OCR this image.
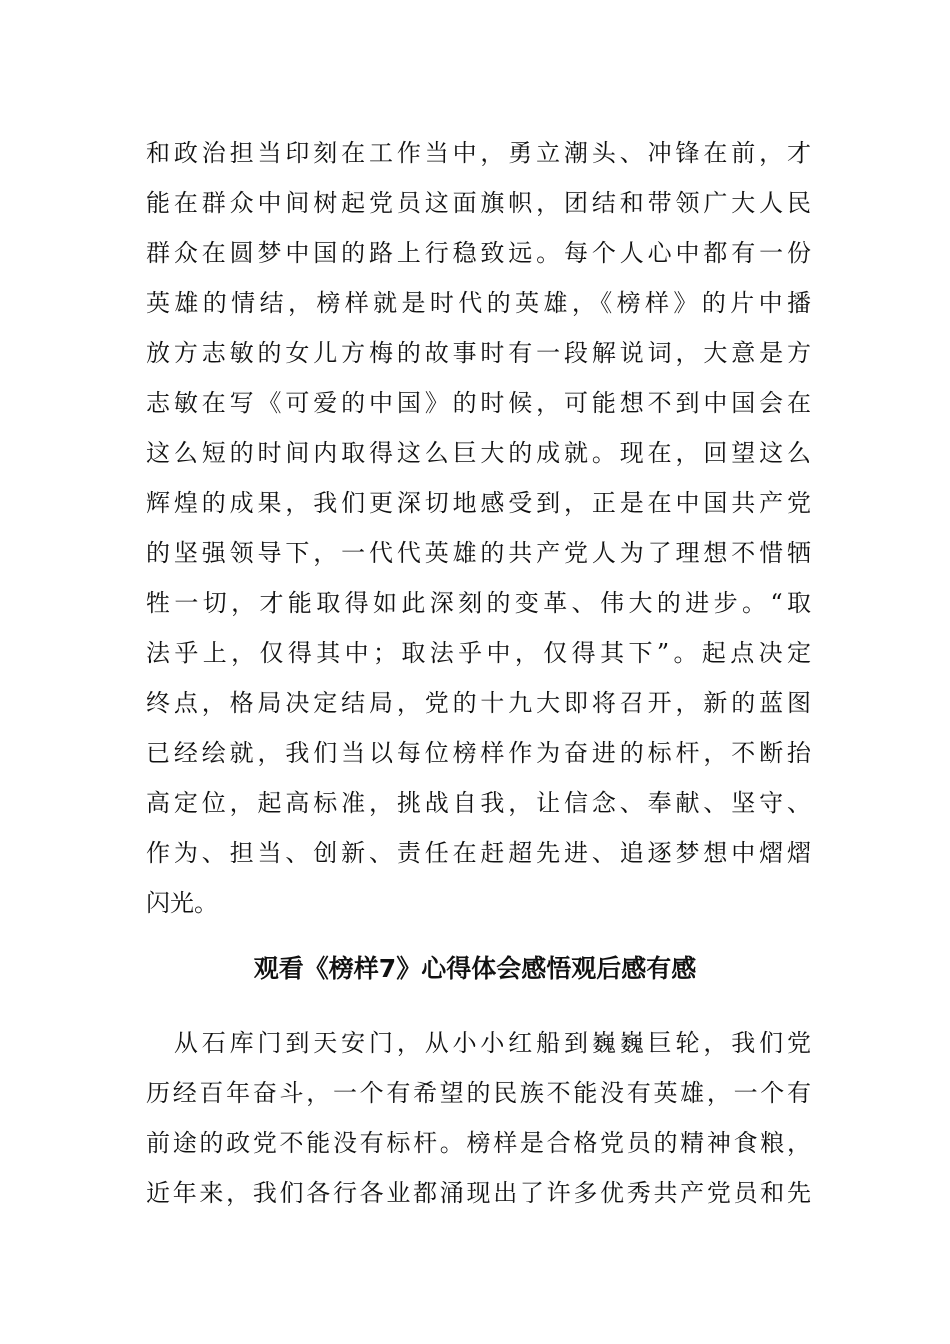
和政治担当印刻在工作当中，勇立潮头、冲锋在前，才
能在群众中间树起党员这面旗帜，团结和带领广大人民
群众在圆梦中国的路上行稳致远。每个人心中都有一份
英雄的情结，榜样就是时代的英雄，《榜样》的片中播
放方志敏的女儿方梅的故事时有一段解说词，大意是方
志敏在写《可爱的中国》的时候，可能想不到中国会在
这么短的时间内取得这么巨大的成就。现在，回望这么
辉煌的成果，我们更深切地感受到，正是在中国共产党
的坚强领导下，一代代英雄的共产党人为了理想不惜牺
牲一切，才能取得如此深刻的变革、伟大的进步。“取
法乎上，仅得其中；取法乎中，仅得其下”。起点决定
终点，格局决定结局，党的十九大即将召开，新的蓝图
已经绘就，我们当以每位榜样作为奋进的标杆，不断抬
高定位，起高标准，挑战自我，让信念、奉献、坚守、
作为、担当、创新、责任在赶超先进、追逐梦想中熠熠
闪光。
观看《榜样7》心得体会感悟观后感有感
　从石库门到天安门，从小小红船到巍巍巨轮，我们党
历经百年奋斗，一个有希望的民族不能没有英雄，一个有
前途的政党不能没有标杆。榜样是合格党员的精神食粮，
近年来，我们各行各业都涌现出了许多优秀共产党员和先
